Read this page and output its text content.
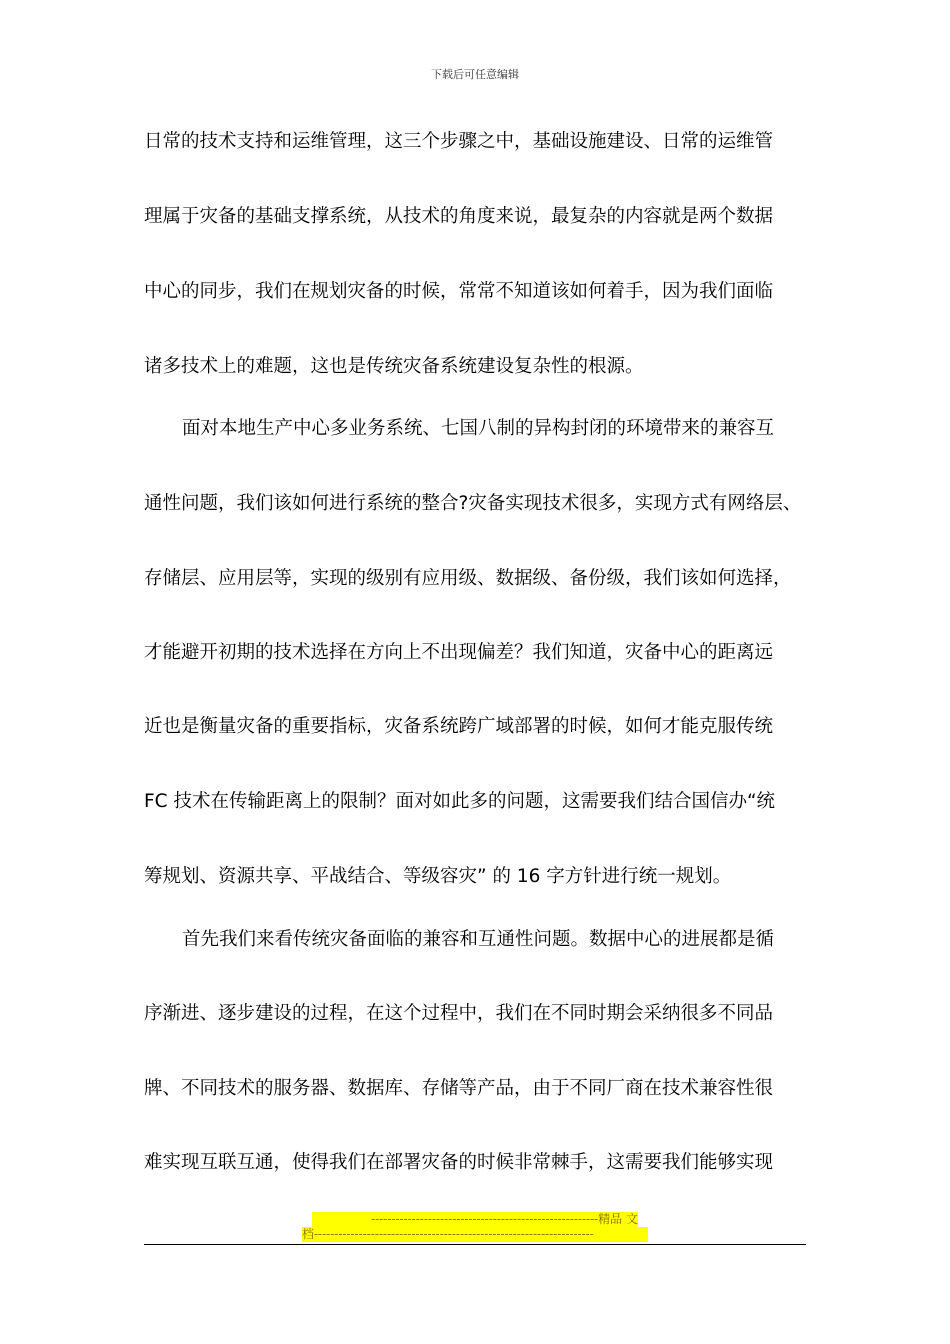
下载后可任意编辑
日常的技术支持和运维管理，这三个步骤之中，基础设施建设、日常的运维管
理属于灾备的基础支撑系统，从技术的角度来说，最复杂的内容就是两个数据
中心的同步，我们在规划灾备的时候，常常不知道该如何着手，因为我们面临
诸多技术上的难题，这也是传统灾备系统建设复杂性的根源。
面对本地生产中心多业务系统、七国八制的异构封闭的环境带来的兼容互
通性问题，我们该如何进行系统的整合?灾备实现技术很多，实现方式有网络层、
存储层、应用层等，实现的级别有应用级、数据级、备份级，我们该如何选择，
才能避开初期的技术选择在方向上不出现偏差？我们知道，灾备中心的距离远
近也是衡量灾备的重要指标，灾备系统跨广域部署的时候，如何才能克服传统
FC 技术在传输距离上的限制？面对如此多的问题，这需要我们结合国信办“统
筹规划、资源共享、平战结合、等级容灾” 的 16 字方针进行统一规划。
首先我们来看传统灾备面临的兼容和互通性问题。数据中心的进展都是循
序渐进、逐步建设的过程，在这个过程中，我们在不同时期会采纳很多不同品
牌、不同技术的服务器、数据库、存储等产品，由于不同厂商在技术兼容性很
难实现互联互通，使得我们在部署灾备的时候非常棘手，这需要我们能够实现
--------------------------------------------------------精品 文
档---------------------------------------------------------------------
